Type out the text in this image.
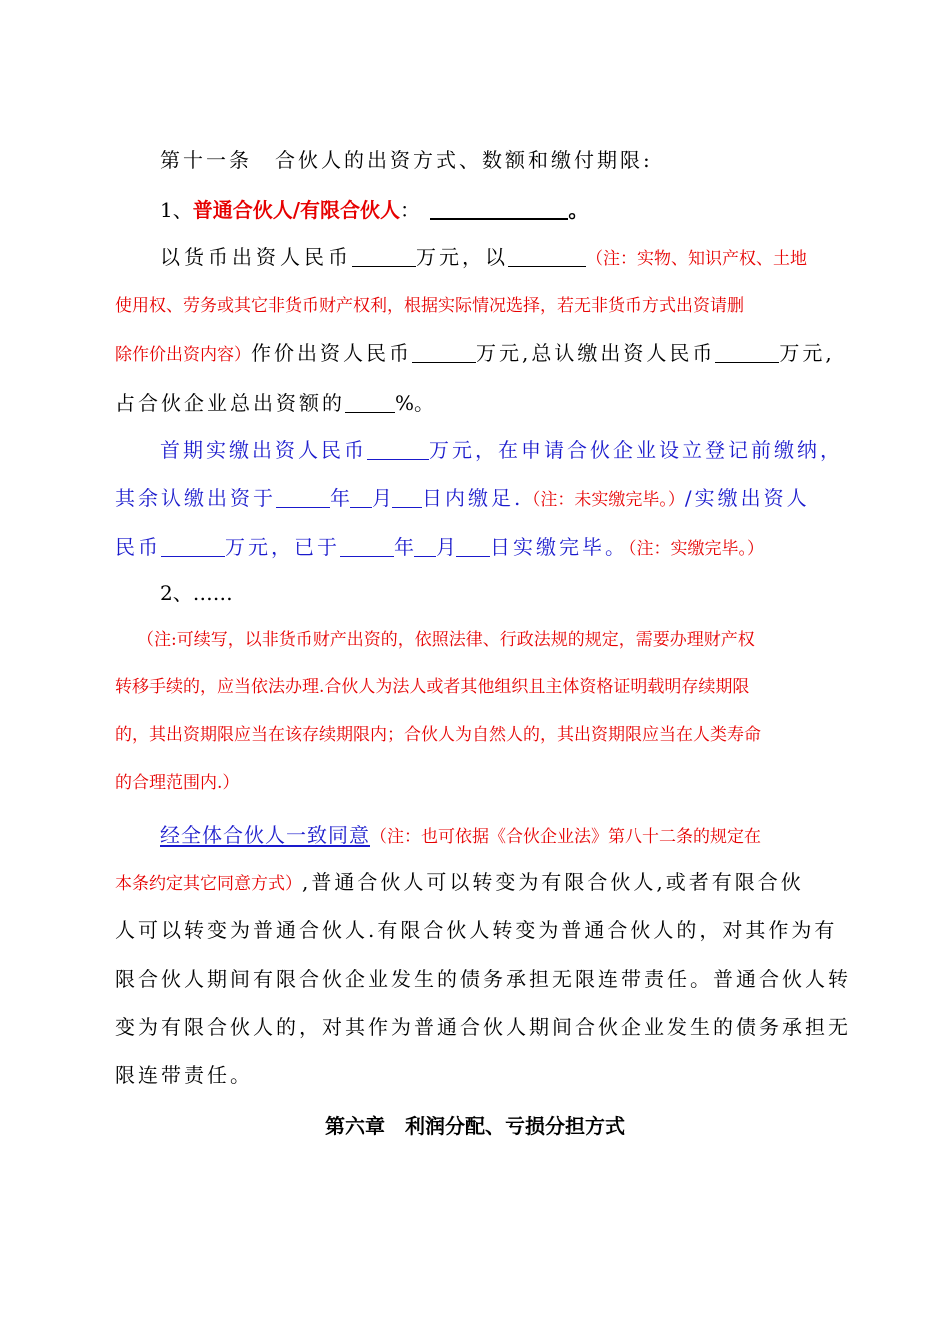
第十一条　合伙人的出资方式、数额和缴付期限:
1、普通合伙人/有限合伙人：	。
以货币出资人民币	万元，以	（注：实物、知识产权、土地
使用权、劳务或其它非货币财产权利，根据实际情况选择，若无非货币方式出资请删
除作价出资内容）作价出资人民币	万元,总认缴出资人民币	万元,
占合伙企业总出资额的	%。
首期实缴出资人民币	万元，在申请合伙企业设立登记前缴纳，
其余认缴出资于	年 月 日内缴足.（注：未实缴完毕。）/实缴出资人
民币	万元，已于	年 月 日实缴完毕。（注：实缴完毕。）
2、……
（注:可续写，以非货币财产出资的，依照法律、行政法规的规定，需要办理财产权
转移手续的，应当依法办理.合伙人为法人或者其他组织且主体资格证明载明存续期限
的，其出资期限应当在该存续期限内；合伙人为自然人的，其出资期限应当在人类寿命
的合理范围内.）
经全体合伙人一致同意（注：也可依据《合伙企业法》第八十二条的规定在
本条约定其它同意方式）,普通合伙人可以转变为有限合伙人,或者有限合伙
人可以转变为普通合伙人.有限合伙人转变为普通合伙人的，对其作为有
限合伙人期间有限合伙企业发生的债务承担无限连带责任。普通合伙人转
变为有限合伙人的，对其作为普通合伙人期间合伙企业发生的债务承担无
限连带责任。
第六章　利润分配、亏损分担方式
